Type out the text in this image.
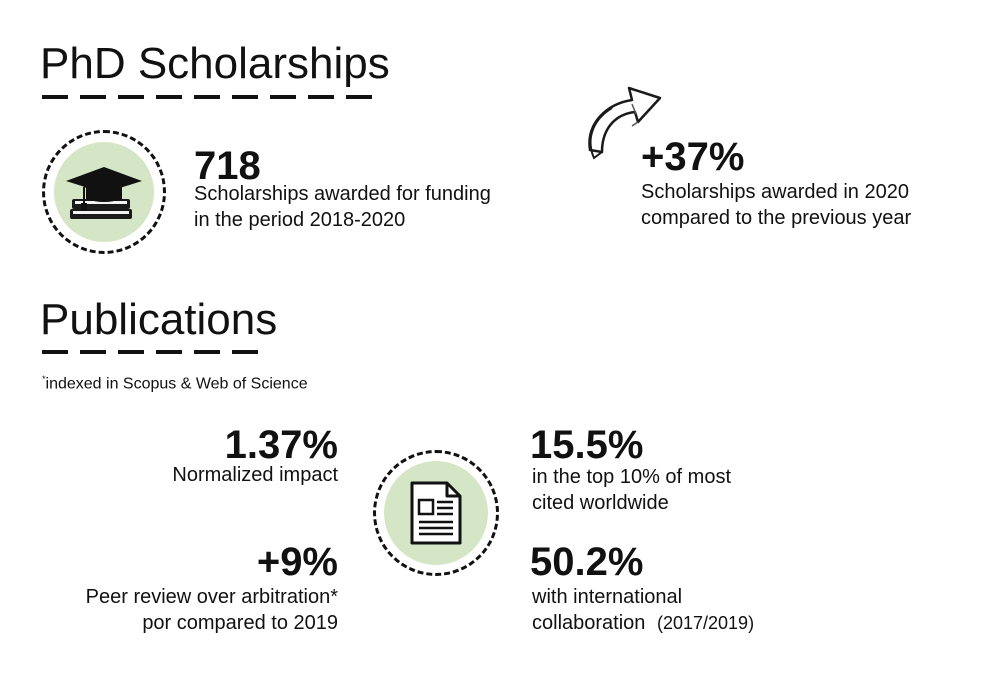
PhD Scholarships
718
Scholarships awarded for funding
in the period 2018-2020
+37%
Scholarships awarded in 2020
compared to the previous year
Publications
*indexed in Scopus & Web of Science
1.37%
Normalized impact
+9%
Peer review over arbitration*
por compared to 2019
15.5%
in the top 10% of most
cited worldwide
50.2%
with international
collaboration (2017/2019)
